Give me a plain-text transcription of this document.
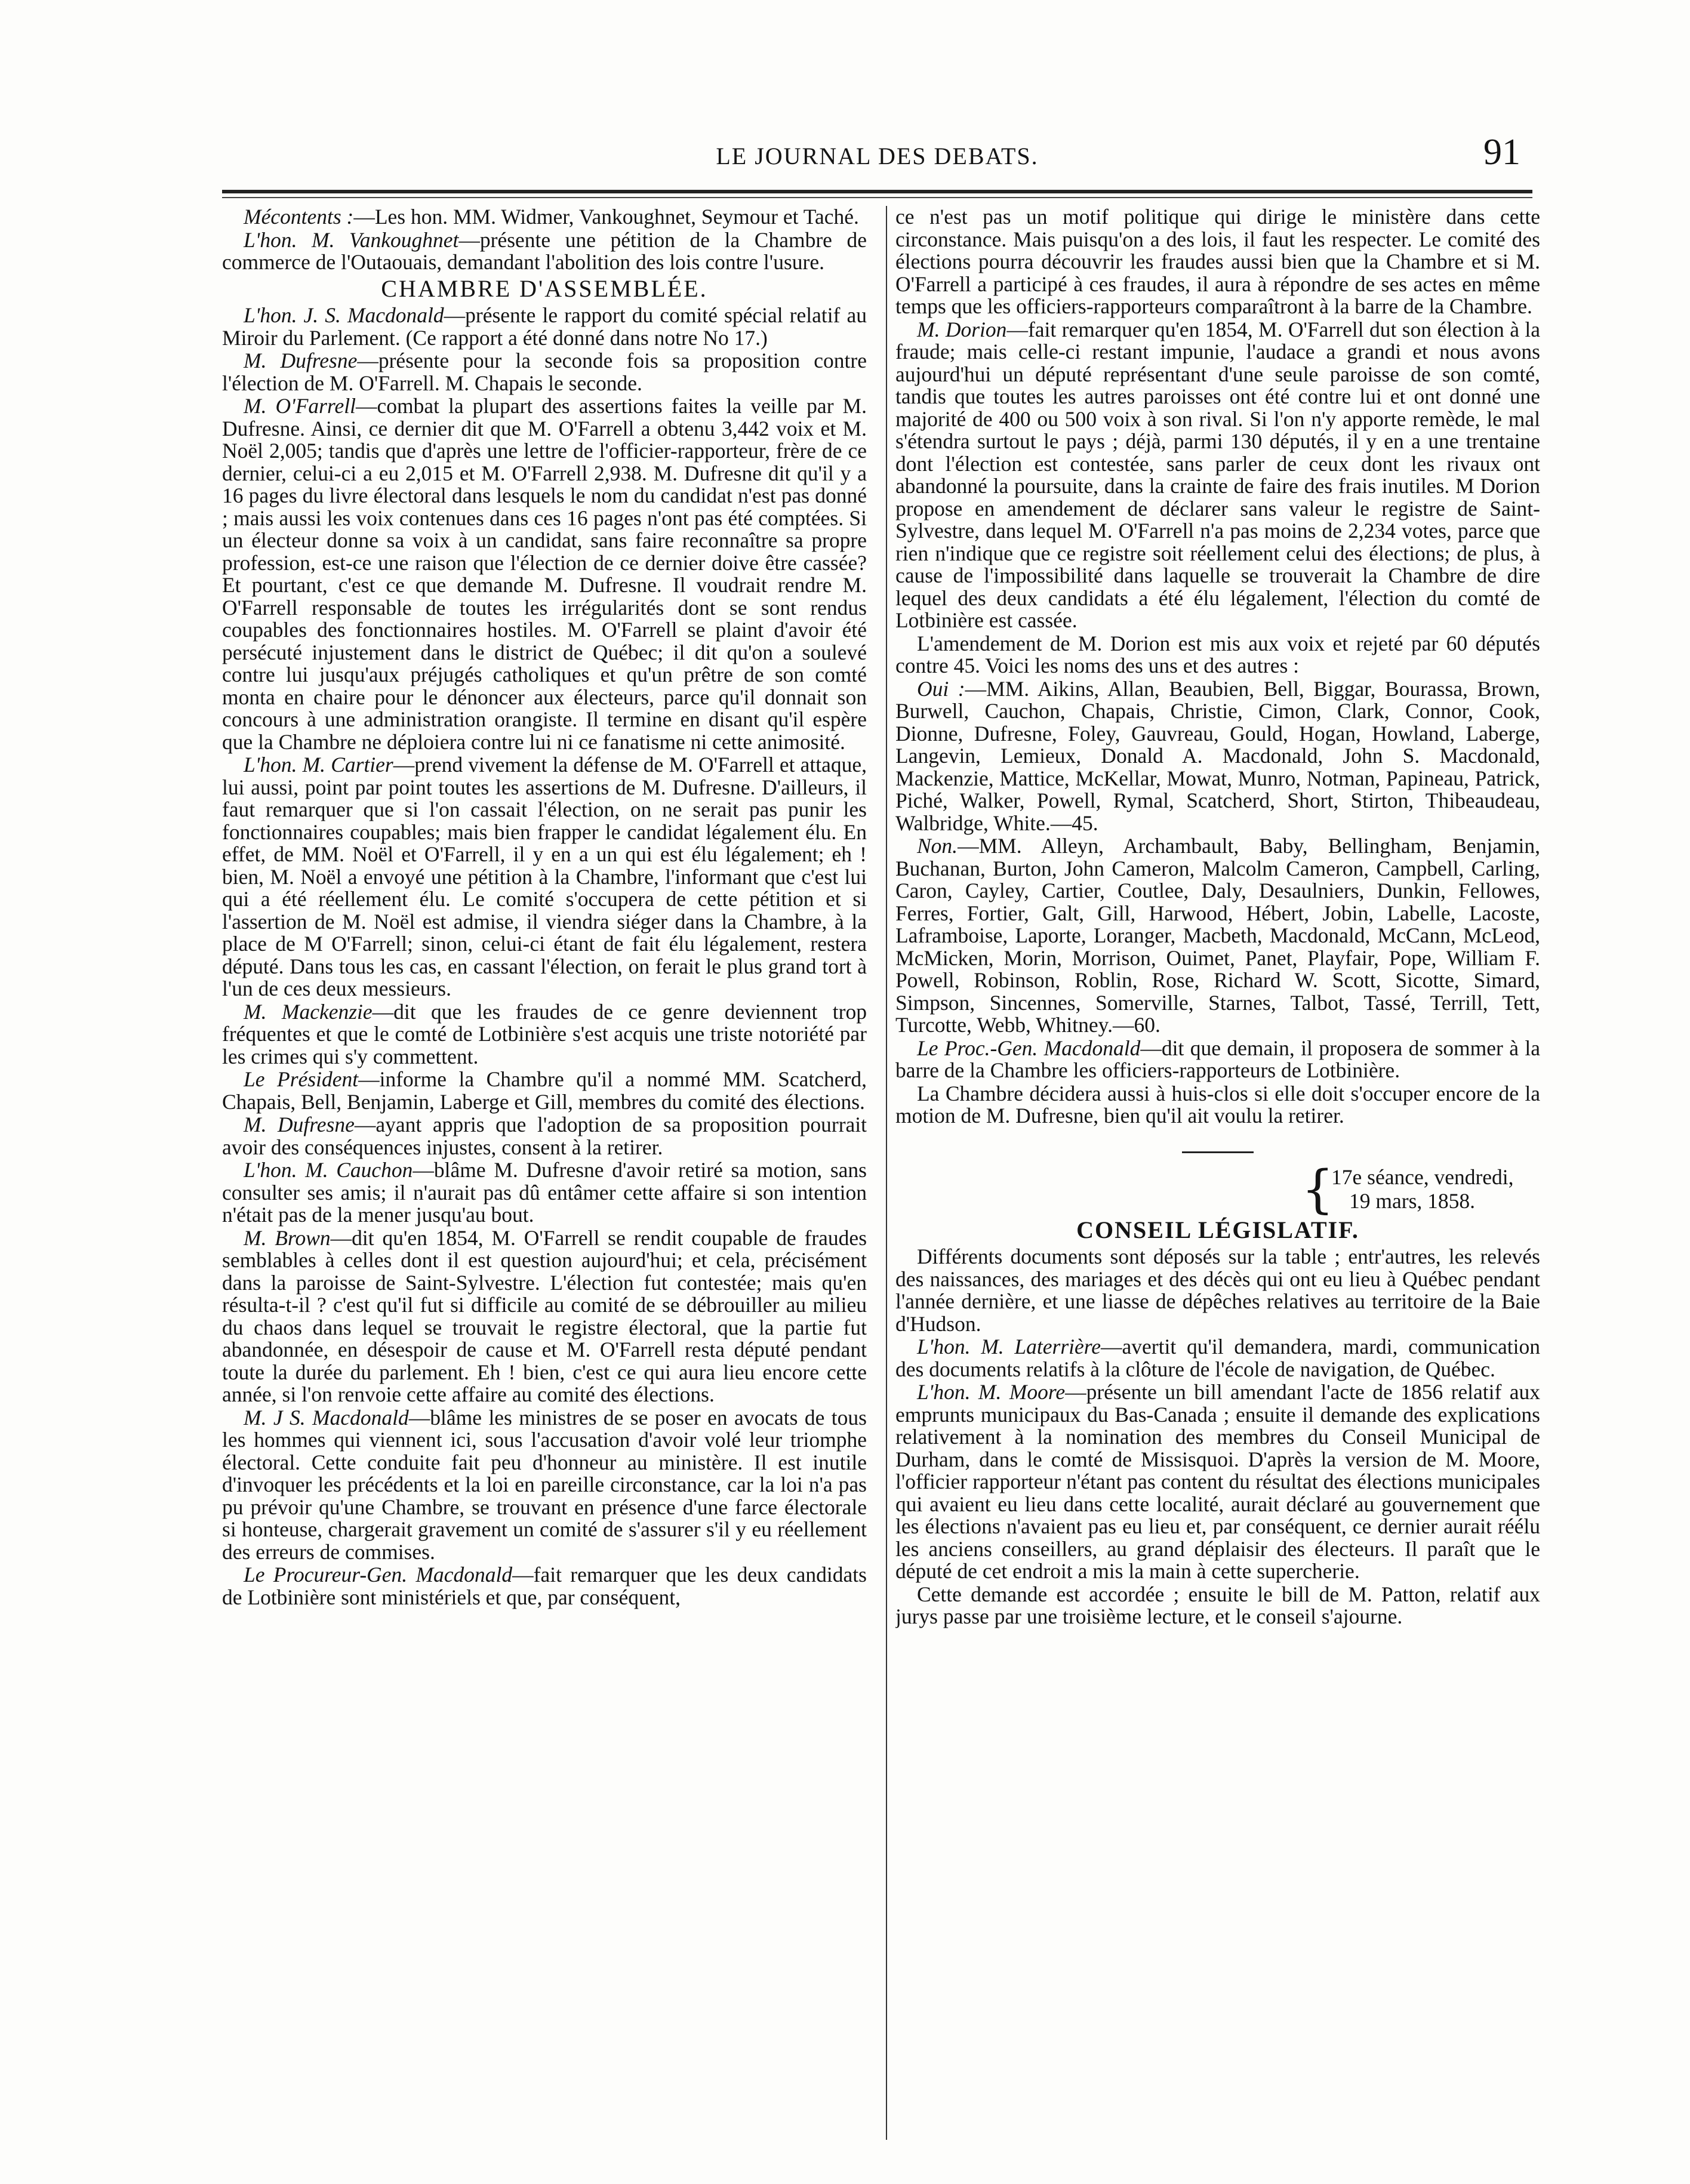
LE JOURNAL DES DEBATS.	91

Mécontents :—Les hon. MM. Widmer, Vankoughnet, Seymour et Taché.

L'hon. M. Vankoughnet—présente une pétition de la Chambre de commerce de l'Outaouais, demandant l'abolition des lois contre l'usure.

CHAMBRE D'ASSEMBLÉE.

L'hon. J. S. Macdonald—présente le rapport du comité spécial relatif au Miroir du Parlement. (Ce rapport a été donné dans notre No 17.)

M. Dufresne—présente pour la seconde fois sa proposition contre l'élection de M. O'Farrell. M. Chapais le seconde.

M. O'Farrell—combat la plupart des assertions faites la veille par M. Dufresne. Ainsi, ce dernier dit que M. O'Farrell a obtenu 3,442 voix et M. Noël 2,005; tandis que d'après une lettre de l'officier-rapporteur, frère de ce dernier, celui-ci a eu 2,015 et M. O'Farrell 2,938. M. Dufresne dit qu'il y a 16 pages du livre électoral dans lesquels le nom du candidat n'est pas donné ; mais aussi les voix contenues dans ces 16 pages n'ont pas été comptées. Si un électeur donne sa voix à un candidat, sans faire reconnaître sa propre profession, est-ce une raison que l'élection de ce dernier doive être cassée? Et pourtant, c'est ce que demande M. Dufresne. Il voudrait rendre M. O'Farrell responsable de toutes les irrégularités dont se sont rendus coupables des fonctionnaires hostiles. M. O'Farrell se plaint d'avoir été persécuté injustement dans le district de Québec; il dit qu'on a soulevé contre lui jusqu'aux préjugés catholiques et qu'un prêtre de son comté monta en chaire pour le dénoncer aux électeurs, parce qu'il donnait son concours à une administration orangiste. Il termine en disant qu'il espère que la Chambre ne déploiera contre lui ni ce fanatisme ni cette animosité.

L'hon. M. Cartier—prend vivement la défense de M. O'Farrell et attaque, lui aussi, point par point toutes les assertions de M. Dufresne. D'ailleurs, il faut remarquer que si l'on cassait l'élection, on ne serait pas punir les fonctionnaires coupables; mais bien frapper le candidat légalement élu. En effet, de MM. Noël et O'Farrell, il y en a un qui est élu légalement; eh ! bien, M. Noël a envoyé une pétition à la Chambre, l'informant que c'est lui qui a été réellement élu. Le comité s'occupera de cette pétition et si l'assertion de M. Noël est admise, il viendra siéger dans la Chambre, à la place de M O'Farrell; sinon, celui-ci étant de fait élu légalement, restera député. Dans tous les cas, en cassant l'élection, on ferait le plus grand tort à l'un de ces deux messieurs.

M. Mackenzie—dit que les fraudes de ce genre deviennent trop fréquentes et que le comté de Lotbinière s'est acquis une triste notoriété par les crimes qui s'y commettent.

Le Président—informe la Chambre qu'il a nommé MM. Scatcherd, Chapais, Bell, Benjamin, Laberge et Gill, membres du comité des élections.

M. Dufresne—ayant appris que l'adoption de sa proposition pourrait avoir des conséquences injustes, consent à la retirer.

L'hon. M. Cauchon—blâme M. Dufresne d'avoir retiré sa motion, sans consulter ses amis; il n'aurait pas dû entâmer cette affaire si son intention n'était pas de la mener jusqu'au bout.

M. Brown—dit qu'en 1854, M. O'Farrell se rendit coupable de fraudes semblables à celles dont il est question aujourd'hui; et cela, précisément dans la paroisse de Saint-Sylvestre. L'élection fut contestée; mais qu'en résulta-t-il ? c'est qu'il fut si difficile au comité de se débrouiller au milieu du chaos dans lequel se trouvait le registre électoral, que la partie fut abandonnée, en désespoir de cause et M. O'Farrell resta député pendant toute la durée du parlement. Eh ! bien, c'est ce qui aura lieu encore cette année, si l'on renvoie cette affaire au comité des élections.

M. J S. Macdonald—blâme les ministres de se poser en avocats de tous les hommes qui viennent ici, sous l'accusation d'avoir volé leur triomphe électoral. Cette conduite fait peu d'honneur au ministère. Il est inutile d'invoquer les précédents et la loi en pareille circonstance, car la loi n'a pas pu prévoir qu'une Chambre, se trouvant en présence d'une farce électorale si honteuse, chargerait gravement un comité de s'assurer s'il y eu réellement des erreurs de commises.

Le Procureur-Gen. Macdonald—fait remarquer que les deux candidats de Lotbinière sont ministériels et que, par conséquent,

ce n'est pas un motif politique qui dirige le ministère dans cette circonstance. Mais puisqu'on a des lois, il faut les respecter. Le comité des élections pourra découvrir les fraudes aussi bien que la Chambre et si M. O'Farrell a participé à ces fraudes, il aura à répondre de ses actes en même temps que les officiers-rapporteurs comparaîtront à la barre de la Chambre.

M. Dorion—fait remarquer qu'en 1854, M. O'Farrell dut son élection à la fraude; mais celle-ci restant impunie, l'audace a grandi et nous avons aujourd'hui un député représentant d'une seule paroisse de son comté, tandis que toutes les autres paroisses ont été contre lui et ont donné une majorité de 400 ou 500 voix à son rival. Si l'on n'y apporte remède, le mal s'étendra surtout le pays ; déjà, parmi 130 députés, il y en a une trentaine dont l'élection est contestée, sans parler de ceux dont les rivaux ont abandonné la poursuite, dans la crainte de faire des frais inutiles. M Dorion propose en amendement de déclarer sans valeur le registre de Saint-Sylvestre, dans lequel M. O'Farrell n'a pas moins de 2,234 votes, parce que rien n'indique que ce registre soit réellement celui des élections; de plus, à cause de l'impossibilité dans laquelle se trouverait la Chambre de dire lequel des deux candidats a été élu légalement, l'élection du comté de Lotbinière est cassée.

L'amendement de M. Dorion est mis aux voix et rejeté par 60 députés contre 45. Voici les noms des uns et des autres :

Oui :—MM. Aikins, Allan, Beaubien, Bell, Biggar, Bourassa, Brown, Burwell, Cauchon, Chapais, Christie, Cimon, Clark, Connor, Cook, Dionne, Dufresne, Foley, Gauvreau, Gould, Hogan, Howland, Laberge, Langevin, Lemieux, Donald A. Macdonald, John S. Macdonald, Mackenzie, Mattice, McKellar, Mowat, Munro, Notman, Papineau, Patrick, Piché, Walker, Powell, Rymal, Scatcherd, Short, Stirton, Thibeaudeau, Walbridge, White.—45.

Non.—MM. Alleyn, Archambault, Baby, Bellingham, Benjamin, Buchanan, Burton, John Cameron, Malcolm Cameron, Campbell, Carling, Caron, Cayley, Cartier, Coutlee, Daly, Desaulniers, Dunkin, Fellowes, Ferres, Fortier, Galt, Gill, Harwood, Hébert, Jobin, Labelle, Lacoste, Laframboise, Laporte, Loranger, Macbeth, Macdonald, McCann, McLeod, McMicken, Morin, Morrison, Ouimet, Panet, Playfair, Pope, William F. Powell, Robinson, Roblin, Rose, Richard W. Scott, Sicotte, Simard, Simpson, Sincennes, Somerville, Starnes, Talbot, Tassé, Terrill, Tett, Turcotte, Webb, Whitney.—60.

Le Proc.-Gen. Macdonald—dit que demain, il proposera de sommer à la barre de la Chambre les officiers-rapporteurs de Lotbinière.

La Chambre décidera aussi à huis-clos si elle doit s'occuper encore de la motion de M. Dufresne, bien qu'il ait voulu la retirer.

{
17e séance, vendredi,
19 mars, 1858.
CONSEIL LÉGISLATIF.

Différents documents sont déposés sur la table ; entr'autres, les relevés des naissances, des mariages et des décès qui ont eu lieu à Québec pendant l'année dernière, et une liasse de dépêches relatives au territoire de la Baie d'Hudson.

L'hon. M. Laterrière—avertit qu'il demandera, mardi, communication des documents relatifs à la clôture de l'école de navigation, de Québec.

L'hon. M. Moore—présente un bill amendant l'acte de 1856 relatif aux emprunts municipaux du Bas-Canada ; ensuite il demande des explications relativement à la nomination des membres du Conseil Municipal de Durham, dans le comté de Missisquoi. D'après la version de M. Moore, l'officier rapporteur n'étant pas content du résultat des élections municipales qui avaient eu lieu dans cette localité, aurait déclaré au gouvernement que les élections n'avaient pas eu lieu et, par conséquent, ce dernier aurait réélu les anciens conseillers, au grand déplaisir des électeurs. Il paraît que le député de cet endroit a mis la main à cette supercherie.

Cette demande est accordée ; ensuite le bill de M. Patton, relatif aux jurys passe par une troisième lecture, et le conseil s'ajourne.
